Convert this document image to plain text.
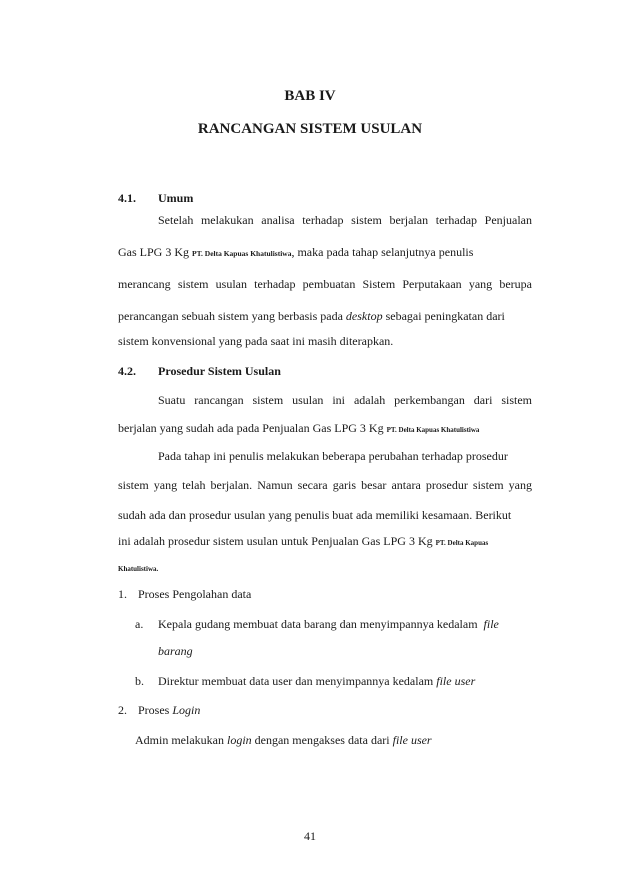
BAB IV
RANCANGAN SISTEM USULAN
4.1. Umum
Setelah melakukan analisa terhadap sistem berjalan terhadap Penjualan
Gas LPG 3 Kg PT. Delta Kapuas Khatulistiwa, maka pada tahap selanjutnya penulis
merancang sistem usulan terhadap pembuatan Sistem Perputakaan yang berupa
perancangan sebuah sistem yang berbasis pada desktop sebagai peningkatan dari
sistem konvensional yang pada saat ini masih diterapkan.
4.2. Prosedur Sistem Usulan
Suatu rancangan sistem usulan ini adalah perkembangan dari sistem
berjalan yang sudah ada pada Penjualan Gas LPG 3 Kg PT. Delta Kapuas Khatulistiwa
Pada tahap ini penulis melakukan beberapa perubahan terhadap prosedur
sistem yang telah berjalan. Namun secara garis besar antara prosedur sistem yang
sudah ada dan prosedur usulan yang penulis buat ada memiliki kesamaan. Berikut
ini adalah prosedur sistem usulan untuk Penjualan Gas LPG 3 Kg PT. Delta Kapuas
Khatulistiwa.
1. Proses Pengolahan data
a. Kepala gudang membuat data barang dan menyimpannya kedalam file
barang
b. Direktur membuat data user dan menyimpannya kedalam file user
2. Proses Login
Admin melakukan login dengan mengakses data dari file user
41
